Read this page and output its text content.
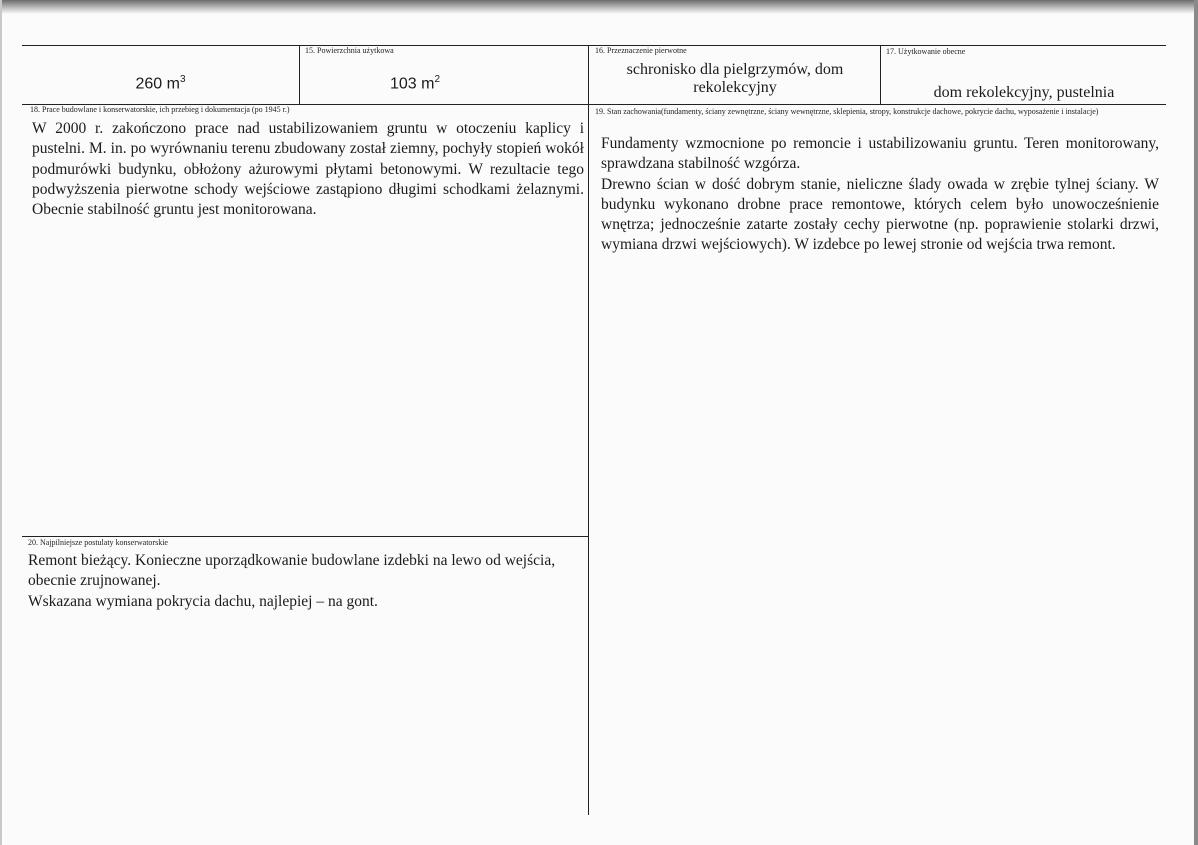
260 $m^3$
15. Powierzchnia użytkowa
103 $m^2$
16. Przeznaczenie pierwotne
schronisko dla pielgrzymów, dom rekolekcyjny
17. Użytkowanie obecne
dom rekolekcyjny, pustelnia
18. Prace budowlane i konserwatorskie, ich przebieg i dokumentacja (po 1945 r.)
W 2000 r. zakończono prace nad ustabilizowaniem gruntu w otoczeniu kaplicy i pustelni. M. in. po wyrównaniu terenu zbudowany został ziemny, pochyły stopień wokół podmurówki budynku, obłożony ażurowymi płytami betonowymi. W rezultacie tego podwyższenia pierwotne schody wejściowe zastąpiono długimi schodkami żelaznymi. Obecnie stabilność gruntu jest monitorowana.
19. Stan zachowania(fundamenty, ściany zewnętrzne, ściany wewnętrzne, sklepienia, stropy, konstrukcje dachowe, pokrycie dachu, wyposażenie i instalacje)

Fundamenty wzmocnione po remoncie i ustabilizowaniu gruntu. Teren monitorowany, sprawdzana stabilność wzgórza.

Drewno ścian w dość dobrym stanie, nieliczne ślady owada w zrębie tylnej ściany. W budynku wykonano drobne prace remontowe, których celem było unowocześnienie wnętrza; jednocześnie zatarte zostały cechy pierwotne (np. poprawienie stolarki drzwi, wymiana drzwi wejściowych). W izdebce po lewej stronie od wejścia trwa remont.

20. Najpilniejsze postulaty konserwatorskie

Remont bieżący. Konieczne uporządkowanie budowlane izdebki na lewo od wejścia, obecnie zrujnowanej.

Wskazana wymiana pokrycia dachu, najlepiej – na gont.
